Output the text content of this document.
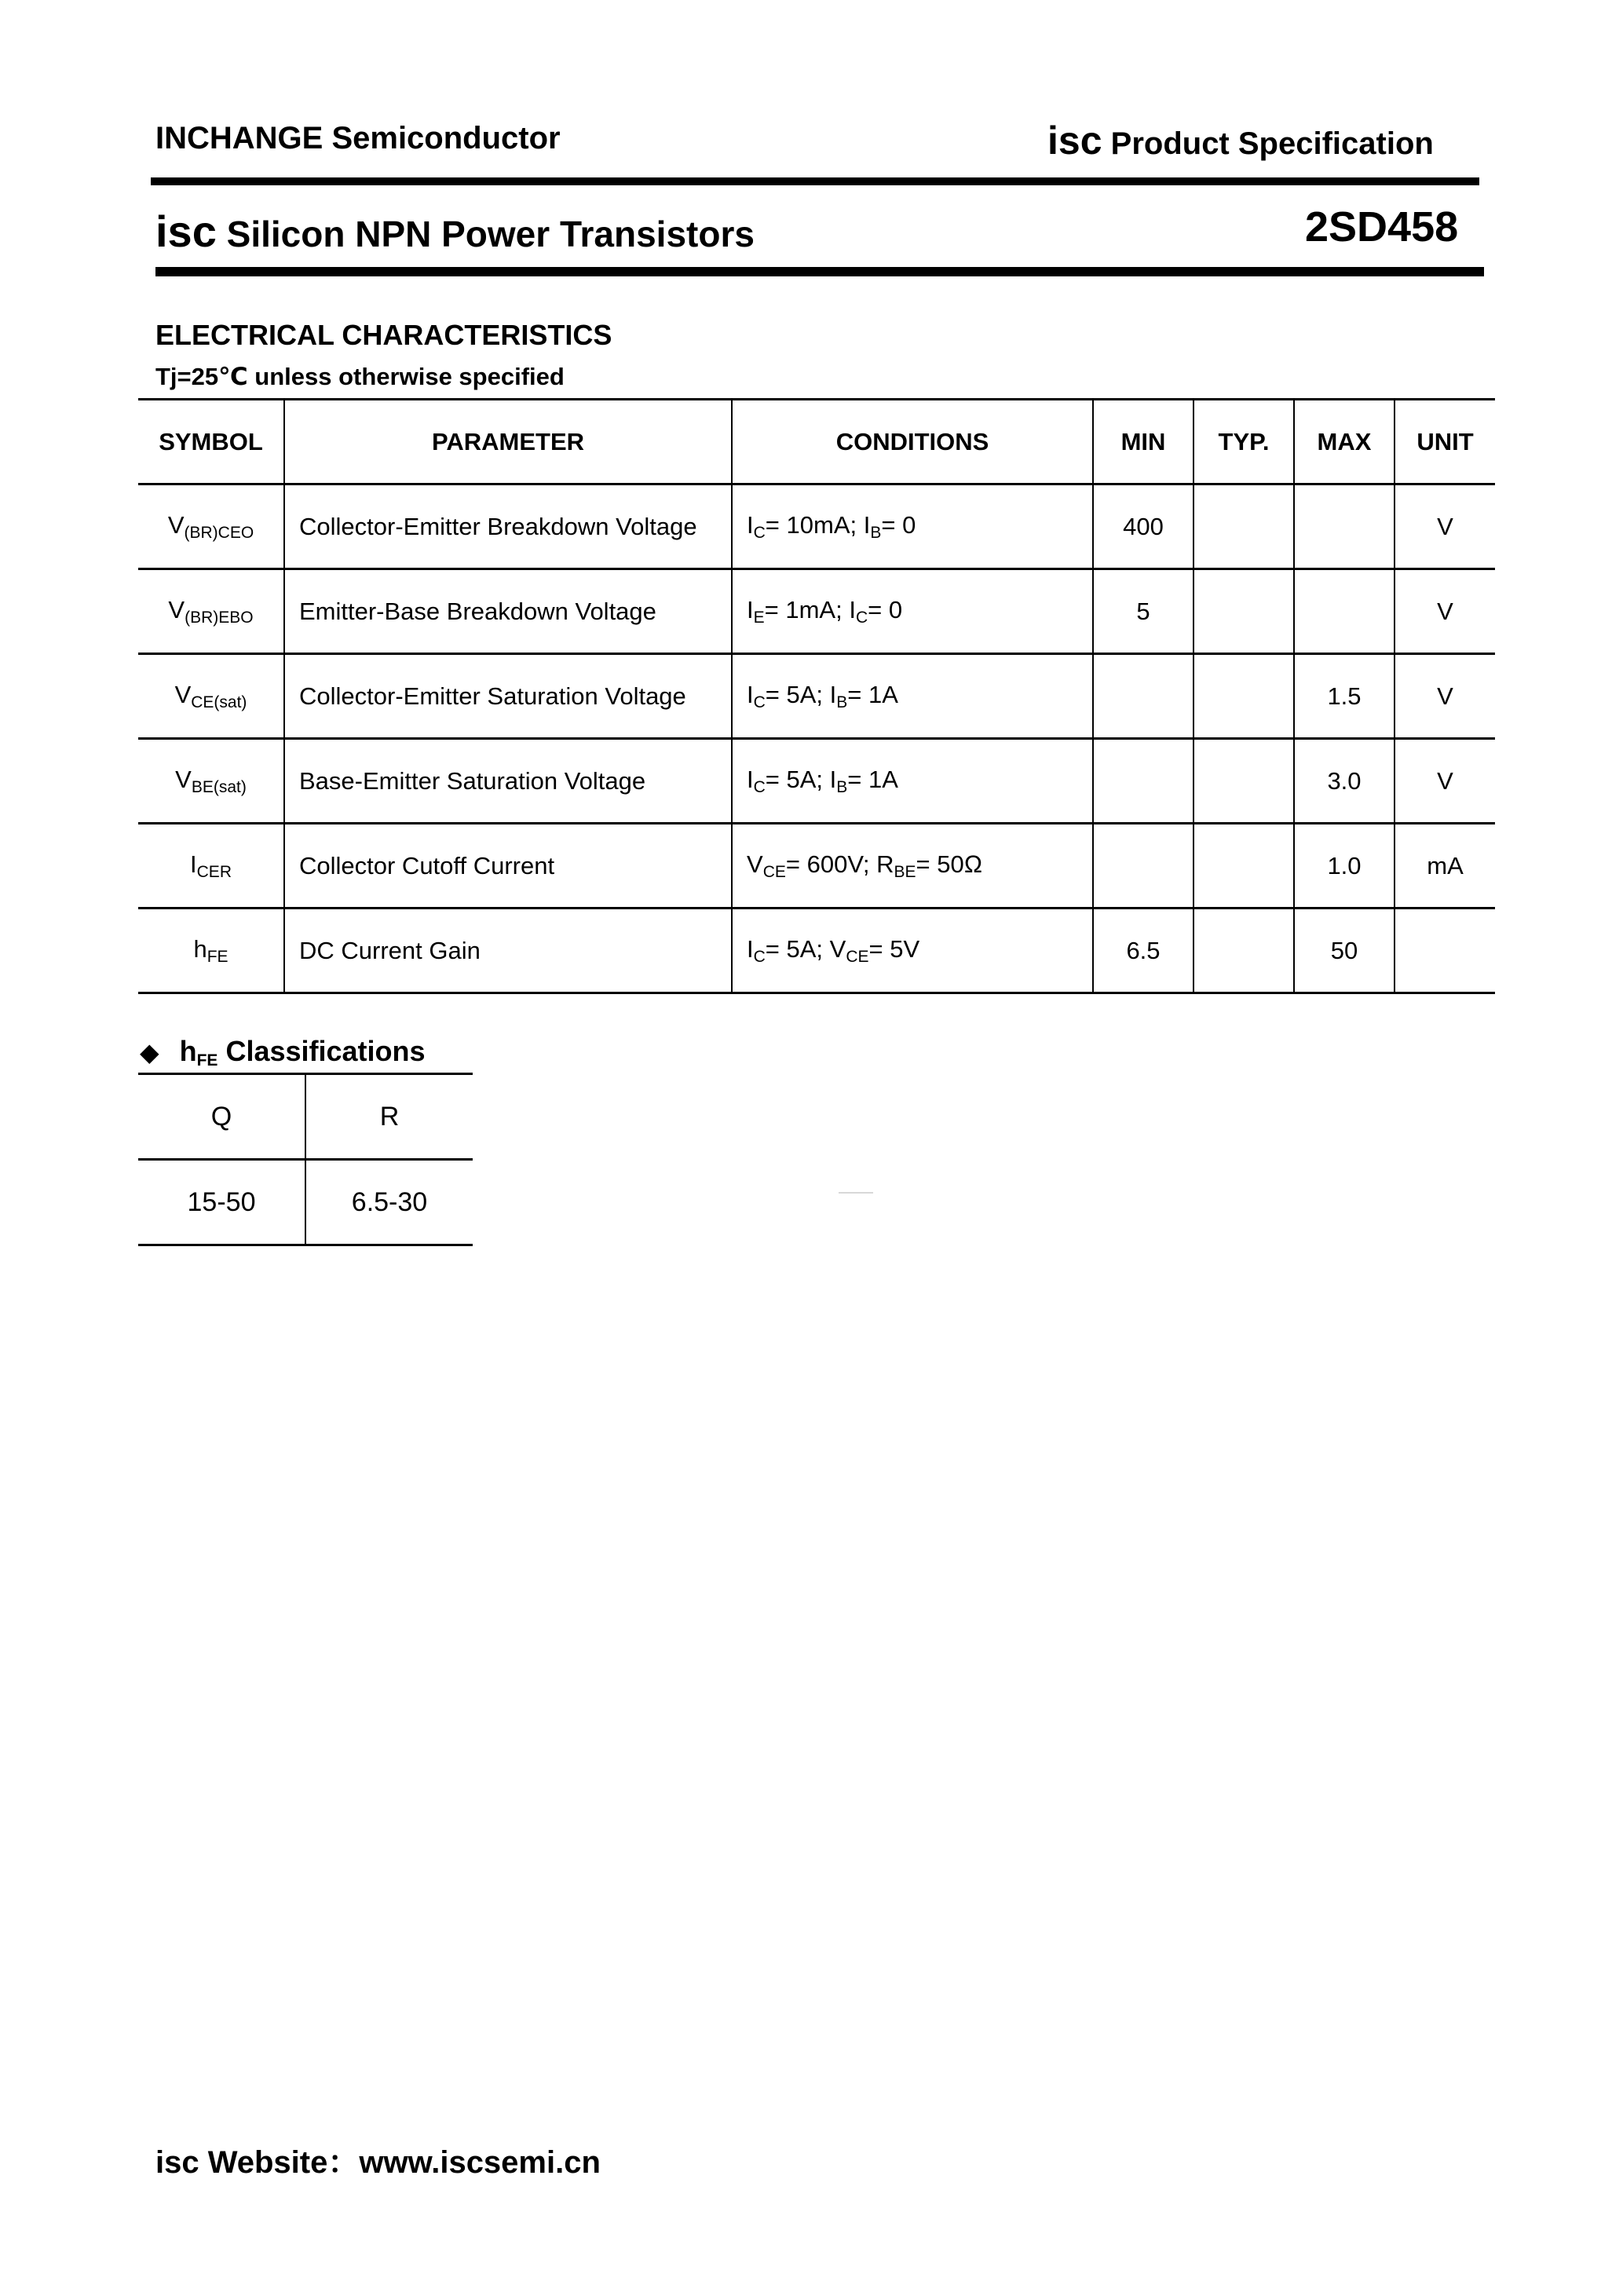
INCHANGE Semiconductor	isc Product Specification
isc Silicon NPN Power Transistors	2SD458
ELECTRICAL CHARACTERISTICS
Tj=25℃ unless otherwise specified
SYMBOL	PARAMETER	CONDITIONS	MIN	TYP.	MAX	UNIT
$V_{(BR)CEO}$	Collector-Emitter Breakdown Voltage	$I_C= 10mA$; $I_B= 0$	400			V
$V_{(BR)EBO}$	Emitter-Base Breakdown Voltage	$I_E= 1mA$; $I_C= 0$	5			V
$V_{CE(sat)}$	Collector-Emitter Saturation Voltage	$I_C= 5A$; $I_B= 1A$			1.5	V
$V_{BE(sat)}$	Base-Emitter Saturation Voltage	$I_C= 5A$; $I_B= 1A$			3.0	V
$I_{CER}$	Collector Cutoff Current	$V_{CE}= 600V$; $R_{BE}=$ 50Ω			1.0	mA
$h_{FE}$	DC Current Gain	$I_C= 5A$; $V_{CE}= 5V$	6.5		50	
◆ $h_{FE}$ Classifications
Q	R
15-50	6.5-30
isc Website：www.iscsemi.cn
